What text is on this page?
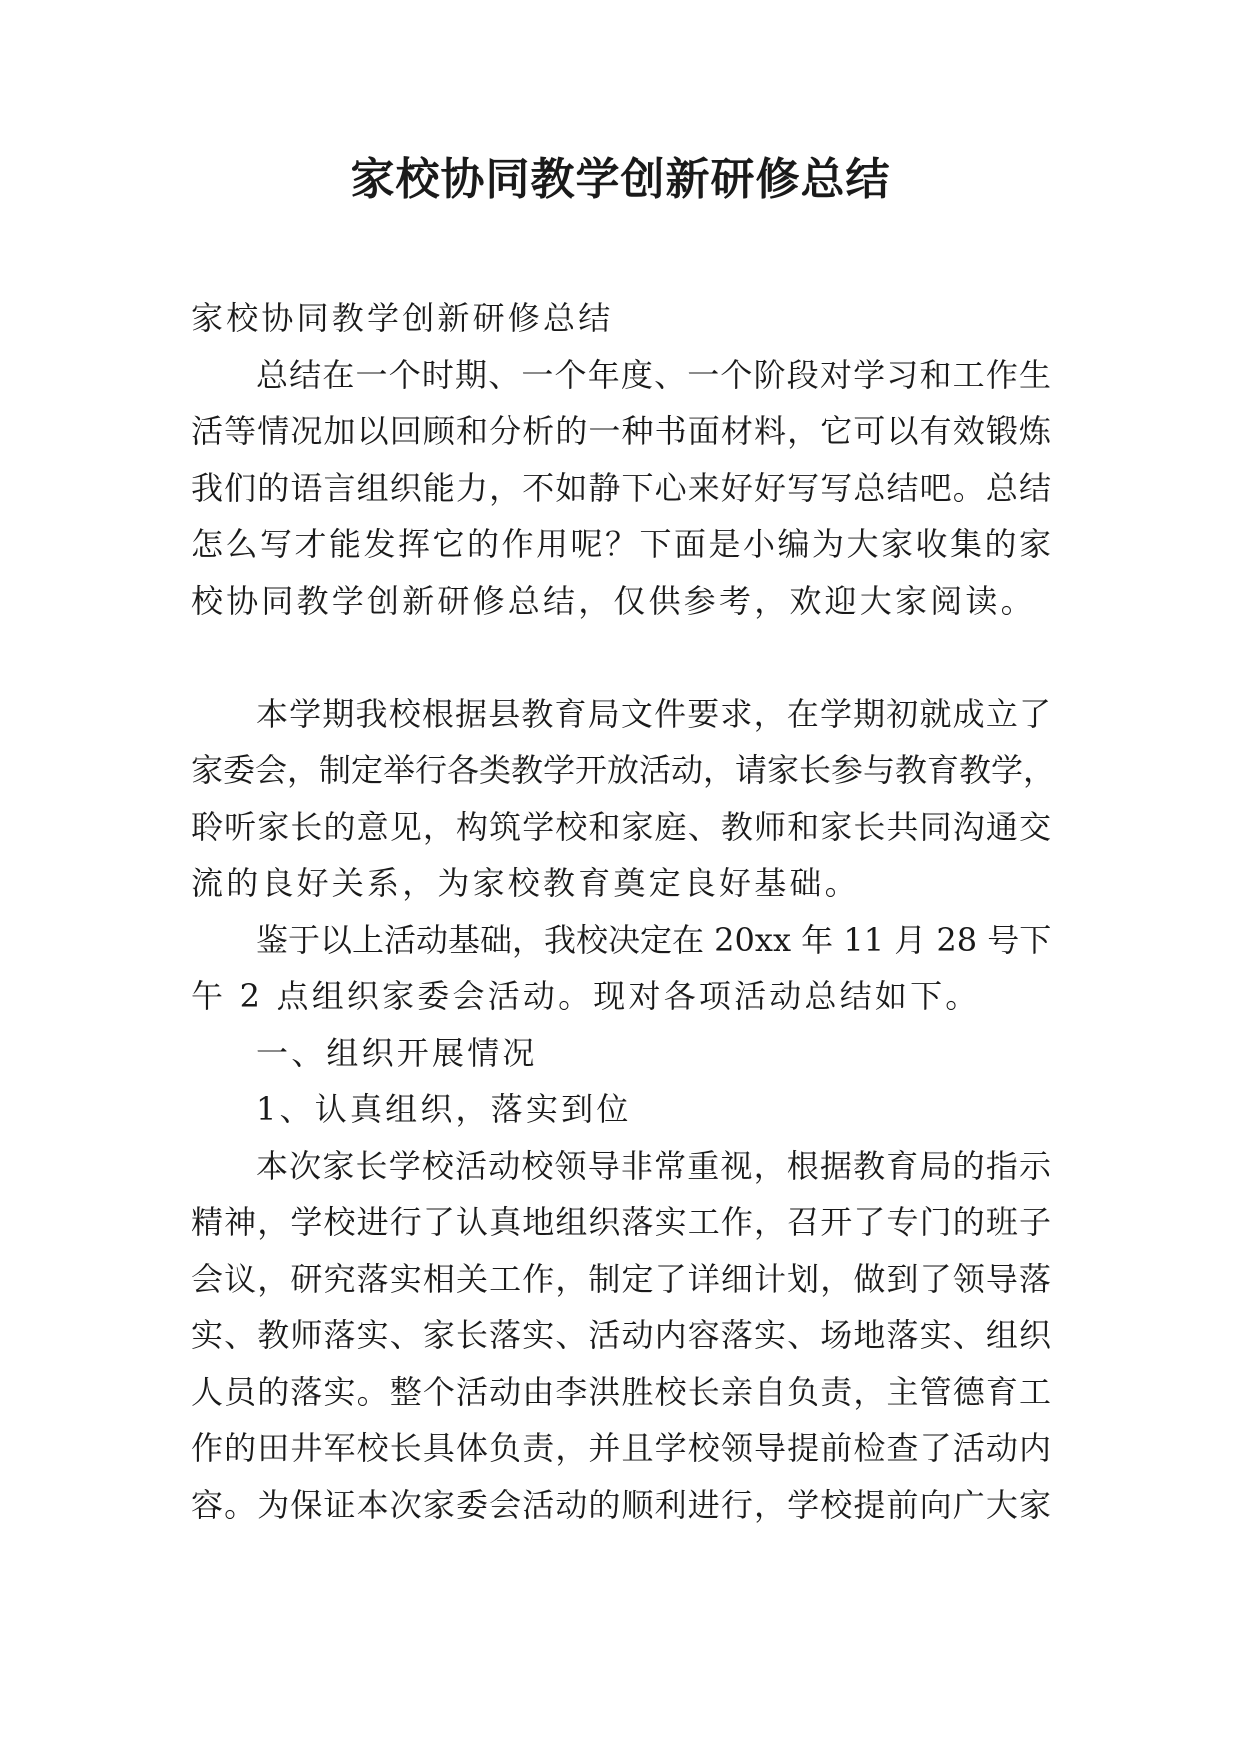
家校协同教学创新研修总结

家校协同教学创新研修总结

总结在一个时期、一个年度、一个阶段对学习和工作生

活等情况加以回顾和分析的一种书面材料，它可以有效锻炼

我们的语言组织能力，不如静下心来好好写写总结吧。总结

怎么写才能发挥它的作用呢？下面是小编为大家收集的家

校协同教学创新研修总结，仅供参考，欢迎大家阅读。

本学期我校根据县教育局文件要求，在学期初就成立了

家委会，制定举行各类教学开放活动，请家长参与教育教学，

聆听家长的意见，构筑学校和家庭、教师和家长共同沟通交

流的良好关系，为家校教育奠定良好基础。

鉴于以上活动基础，我校决定在 20xx 年 11 月 28 号下

午 2 点组织家委会活动。现对各项活动总结如下。

一、组织开展情况

1、认真组织，落实到位

本次家长学校活动校领导非常重视，根据教育局的指示

精神，学校进行了认真地组织落实工作，召开了专门的班子

会议，研究落实相关工作，制定了详细计划，做到了领导落

实、教师落实、家长落实、活动内容落实、场地落实、组织

人员的落实。整个活动由李洪胜校长亲自负责，主管德育工

作的田井军校长具体负责，并且学校领导提前检查了活动内

容。为保证本次家委会活动的顺利进行，学校提前向广大家
